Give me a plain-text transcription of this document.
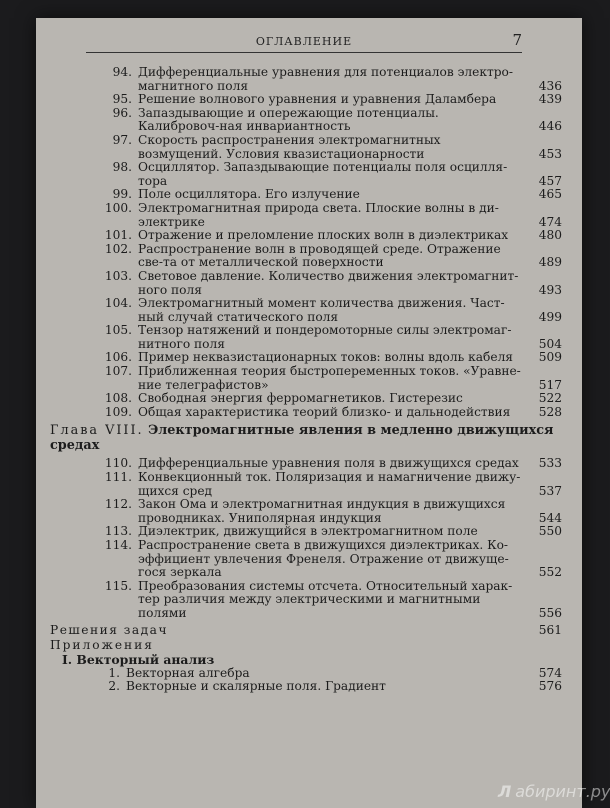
ОГЛАВЛЕНИЕ	7
94. Дифференциальные уравнения для потенциалов электро-магнитного поля	436
95. Решение волнового уравнения и уравнения Даламбера	439
96. Запаздывающие и опережающие потенциалы. Калибровоч-ная инвариантность	446
97. Скорость распространения электромагнитных возмущений. Условия квазистационарности	453
98. Осциллятор. Запаздывающие потенциалы поля осцилля-тора	457
99. Поле осциллятора. Его излучение	465
100. Электромагнитная природа света. Плоские волны в ди-электрике	474
101. Отражение и преломление плоских волн в диэлектриках	480
102. Распространение волн в проводящей среде. Отражение све-та от металлической поверхности	489
103. Световое давление. Количество движения электромагнит-ного поля	493
104. Электромагнитный момент количества движения. Част-ный случай статического поля	499
105. Тензор натяжений и пондеромоторные силы электромаг-нитного поля	504
106. Пример неквазистационарных токов: волны вдоль кабеля	509
107. Приближенная теория быстропеременных токов. «Уравне-ние телеграфистов»	517
108. Свободная энергия ферромагнетиков. Гистерезис	522
109. Общая характеристика теорий близко- и дальнодействия	528
Глава VIII. Электромагнитные явления в медленно движущихся средах
110. Дифференциальные уравнения поля в движущихся средах	533
111. Конвекционный ток. Поляризация и намагничение движу-щихся сред	537
112. Закон Ома и электромагнитная индукция в движущихся проводниках. Униполярная индукция	544
113. Диэлектрик, движущийся в электромагнитном поле	550
114. Распространение света в движущихся диэлектриках. Ко-эффициент увлечения Френеля. Отражение от движуще-гося зеркала	552
115. Преобразования системы отсчета. Относительный харак-тер различия между электрическими и магнитными полями	556
Решения задач	561
Приложения
I. Векторный анализ
1. Векторная алгебра	574
2. Векторные и скалярные поля. Градиент	576
Л абиринт.ру
